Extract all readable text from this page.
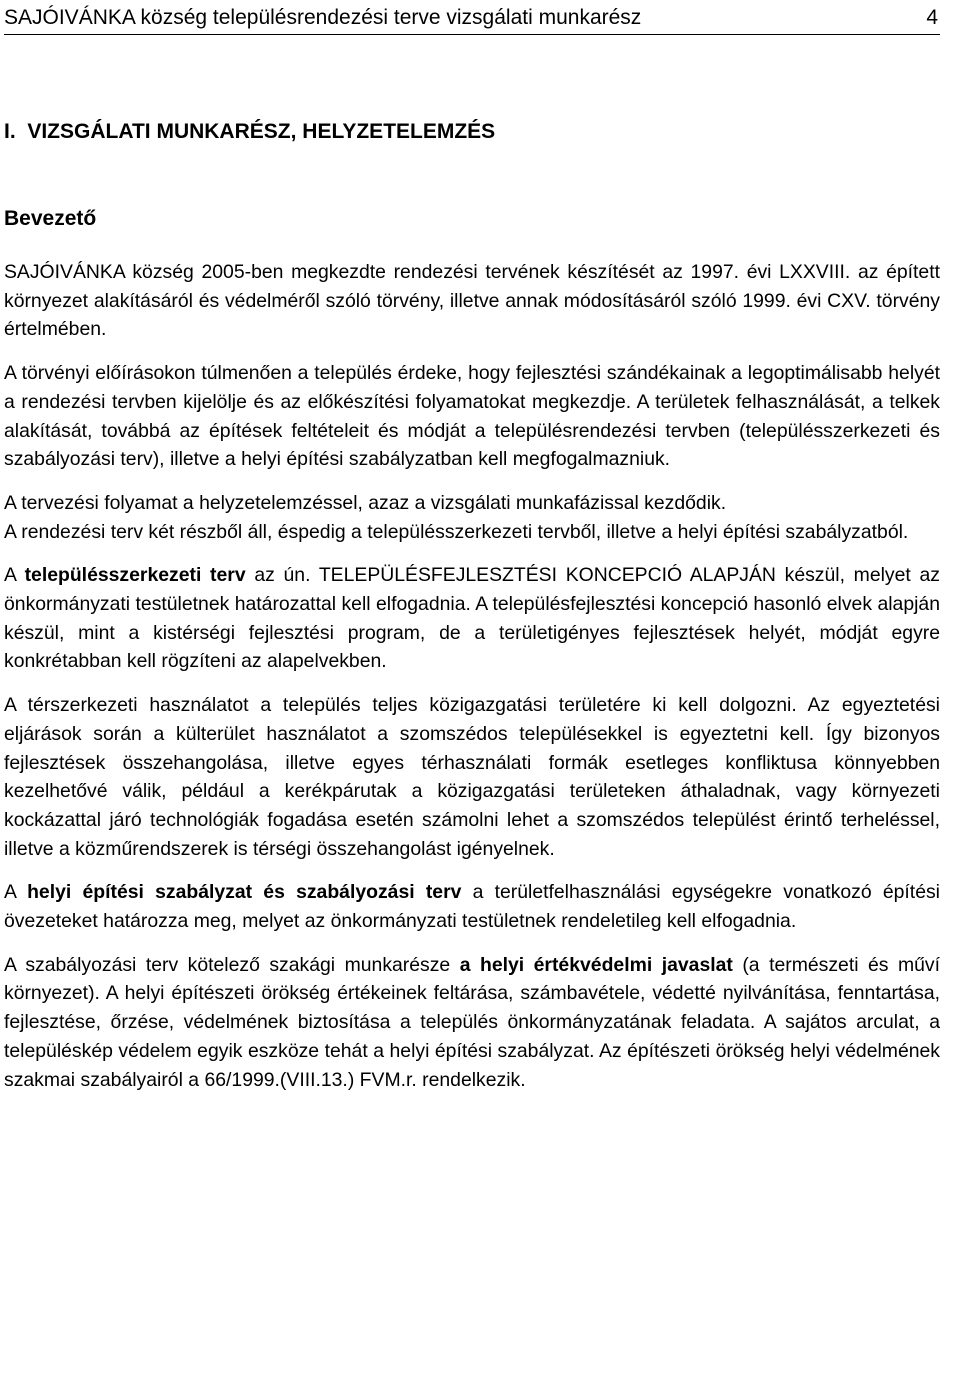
SAJÓIVÁNKA község településrendezési terve vizsgálati munkarész	4
I.  VIZSGÁLATI MUNKARÉSZ, HELYZETELEMZÉS
Bevezető

SAJÓIVÁNKA község 2005-ben megkezdte rendezési tervének készítését az 1997. évi LXXVIII. az épített környezet alakításáról és védelméről szóló törvény, illetve annak módosításáról szóló 1999. évi CXV. törvény értelmében.

A törvényi előírásokon túlmenően a település érdeke, hogy fejlesztési szándékainak a legoptimálisabb helyét a rendezési tervben kijelölje és az előkészítési folyamatokat megkezdje. A területek felhasználását, a telkek alakítását, továbbá az építések feltételeit és módját a településrendezési tervben (településszerkezeti és szabályozási terv), illetve a helyi építési szabályzatban kell megfogalmazniuk.

A tervezési folyamat a helyzetelemzéssel, azaz a vizsgálati munkafázissal kezdődik.

A rendezési terv két részből áll, éspedig a településszerkezeti tervből, illetve a helyi építési szabályzatból.

A településszerkezeti terv az ún. TELEPÜLÉSFEJLESZTÉSI KONCEPCIÓ ALAPJÁN készül, melyet az önkormányzati testületnek határozattal kell elfogadnia. A településfejlesztési koncepció hasonló elvek alapján készül, mint a kistérségi fejlesztési program, de a területigényes fejlesztések helyét, módját egyre konkrétabban kell rögzíteni az alapelvekben.

A térszerkezeti használatot a település teljes közigazgatási területére ki kell dolgozni. Az egyeztetési eljárások során a külterület használatot a szomszédos településekkel is egyeztetni kell. Így bizonyos fejlesztések összehangolása, illetve egyes térhasználati formák esetleges konfliktusa könnyebben kezelhetővé válik, például a kerékpárutak a közigazgatási területeken áthaladnak, vagy környezeti kockázattal járó technológiák fogadása esetén számolni lehet a szomszédos települést érintő terheléssel, illetve a közműrendszerek is térségi összehangolást igényelnek.

A helyi építési szabályzat és szabályozási terv a területfelhasználási egységekre vonatkozó építési övezeteket határozza meg, melyet az önkormányzati testületnek rendeletileg kell elfogadnia.

A szabályozási terv kötelező szakági munkarésze a helyi értékvédelmi javaslat (a természeti és műví környezet). A helyi építészeti örökség értékeinek feltárása, számbavétele, védetté nyilvánítása, fenntartása, fejlesztése, őrzése, védelmének biztosítása a település önkormányzatának feladata. A sajátos arculat, a településkép védelem egyik eszköze tehát a helyi építési szabályzat. Az építészeti örökség helyi védelmének szakmai szabályairól a 66/1999.(VIII.13.) FVM.r. rendelkezik.
